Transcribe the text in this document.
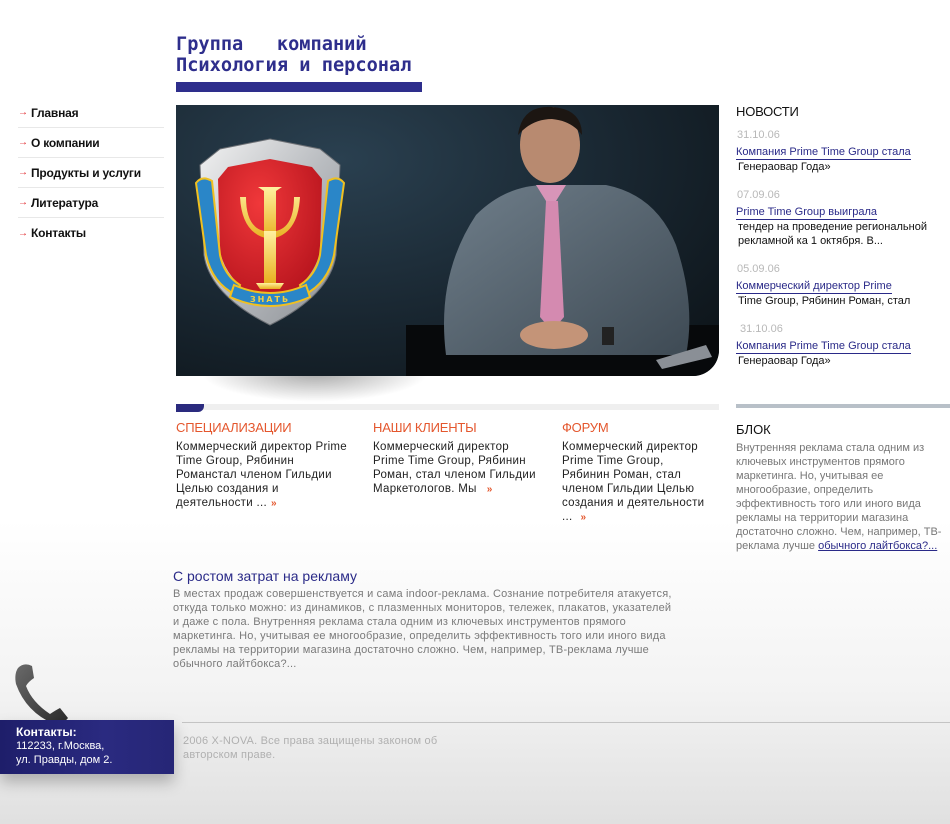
Группа   компаний
Психология и персонал
→ Главная
→ О компании
→ Продукты и услуги
→ Литература
→ Контакты
ЗНАТЬ
НОВОСТИ
31.10.06
Компания Prime Time Group стала
Генераовар Года»
07.09.06
Prime Time Group выиграла
тендер на проведение региональной рекламной ка 1 октября. В...
05.09.06
Коммерческий директор Prime
Time Group, Рябинин Роман, стал
31.10.06
Компания Prime Time Group стала
Генераовар Года»
СПЕЦИАЛИЗАЦИИ
Коммерческий директор Prime Time Group, Рябинин Романстал членом Гильдии Целью создания и деятельности ... »
НАШИ КЛИЕНТЫ
Коммерческий директор Prime Time Group, Рябинин Роман, стал членом Гильдии Маркетологов. Мы »
ФОРУМ
Коммерческий директор Prime Time Group, Рябинин Роман, стал членом Гильдии Целью создания и деятельности ... »
БЛОК
Внутренняя реклама стала одним из ключевых инструментов прямого маркетинга. Но, учитывая ее многообразие, определить эффективность того или иного вида рекламы на территории магазина достаточно сложно. Чем, например, ТВ-реклама лучше обычного лайтбокса?...
С ростом затрат на рекламу
В местах продаж совершенствуется и сама indoor-реклама. Сознание потребителя атакуется, откуда только можно: из динамиков, с плазменных мониторов, тележек, плакатов, указателей и даже с пола. Внутренняя реклама стала одним из ключевых инструментов прямого маркетинга. Но, учитывая ее многообразие, определить эффективность того или иного вида рекламы на территории магазина достаточно сложно. Чем, например, ТВ-реклама лучше обычного лайтбокса?...
2006 X-NOVA. Все права защищены законом об авторском праве.
Контакты:
112233, г.Москва,
ул. Правды, дом 2.
